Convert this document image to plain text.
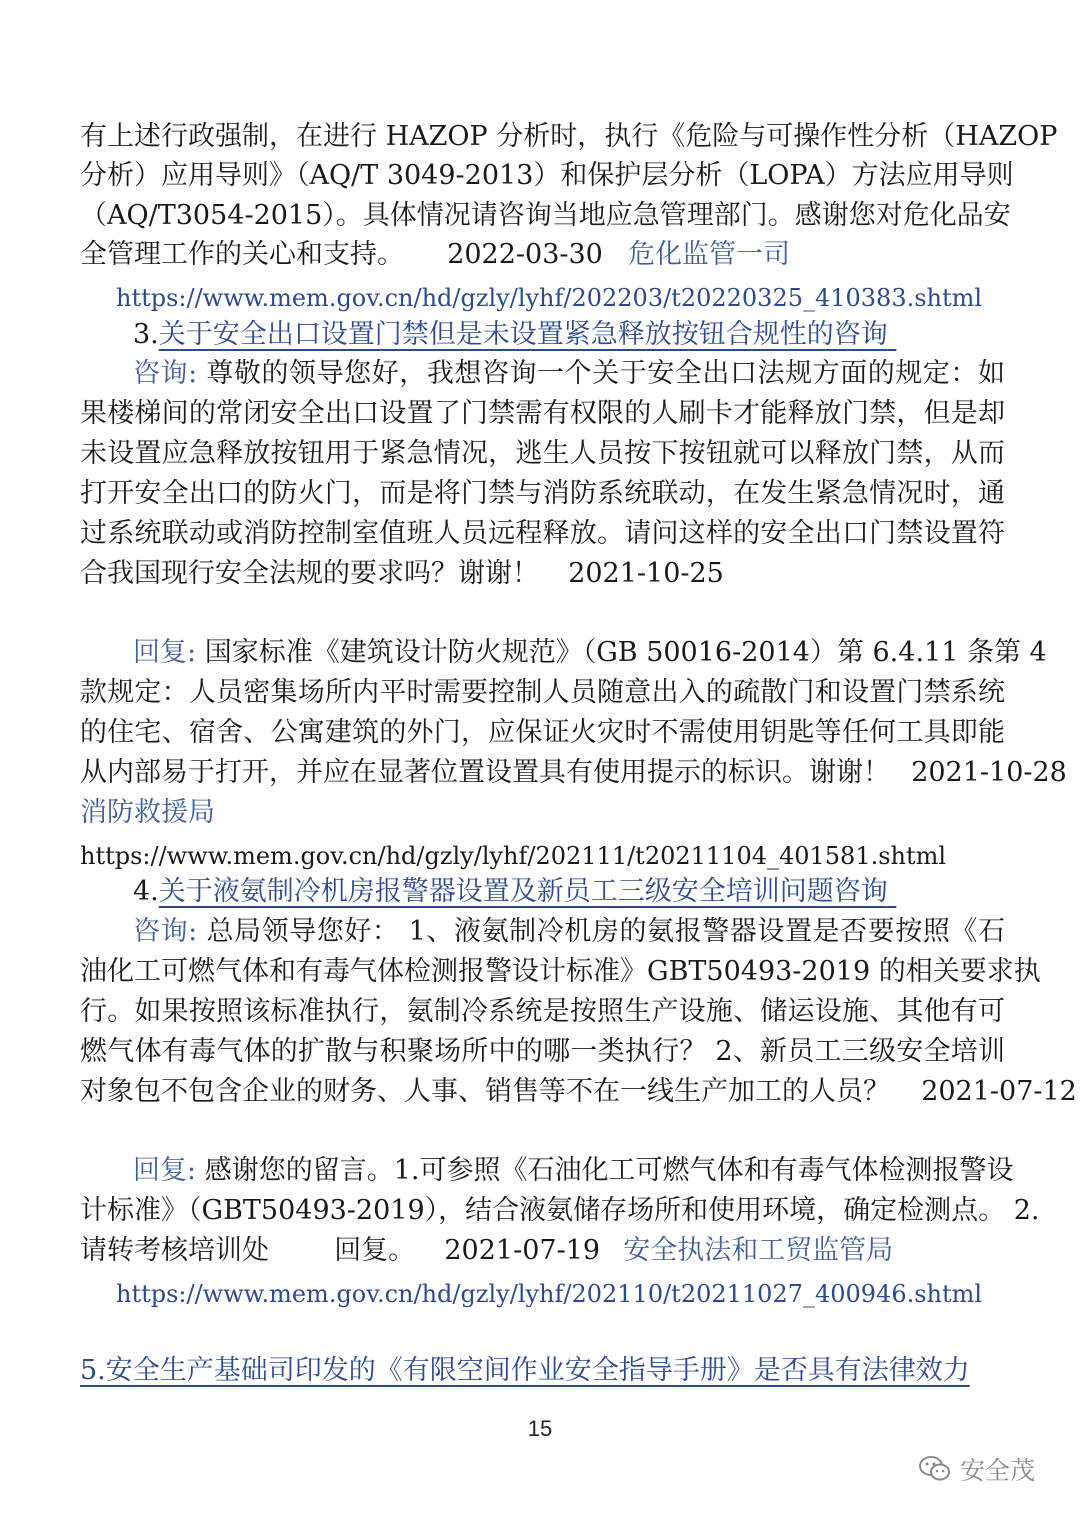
有上述行政强制，在进行 HAZOP 分析时，执行《危险与可操作性分析（HAZOP
分析）应用导则》（AQ/T 3049-2013）和保护层分析（LOPA）方法应用导则
（AQ/T3054-2015）。具体情况请咨询当地应急管理部门。感谢您对危化品安
全管理工作的关心和支持。 2022-03-30 危化监管一司
https://www.mem.gov.cn/hd/gzly/lyhf/202203/t20220325_410383.shtml
3.关于安全出口设置门禁但是未设置紧急释放按钮合规性的咨询
咨询: 尊敬的领导您好，我想咨询一个关于安全出口法规方面的规定：如
果楼梯间的常闭安全出口设置了门禁需有权限的人刷卡才能释放门禁，但是却
未设置应急释放按钮用于紧急情况，逃生人员按下按钮就可以释放门禁，从而
打开安全出口的防火门，而是将门禁与消防系统联动，在发生紧急情况时，通
过系统联动或消防控制室值班人员远程释放。请问这样的安全出口门禁设置符
合我国现行安全法规的要求吗？谢谢！ 2021-10-25
回复: 国家标准《建筑设计防火规范》（GB 50016-2014）第 6.4.11 条第 4
款规定：人员密集场所内平时需要控制人员随意出入的疏散门和设置门禁系统
的住宅、宿舍、公寓建筑的外门，应保证火灾时不需使用钥匙等任何工具即能
从内部易于打开，并应在显著位置设置具有使用提示的标识。谢谢！ 2021-10-28
消防救援局
https://www.mem.gov.cn/hd/gzly/lyhf/202111/t20211104_401581.shtml
4.关于液氨制冷机房报警器设置及新员工三级安全培训问题咨询
咨询: 总局领导您好： 1、液氨制冷机房的氨报警器设置是否要按照《石
油化工可燃气体和有毒气体检测报警设计标准》GBT50493-2019 的相关要求执
行。如果按照该标准执行，氨制冷系统是按照生产设施、储运设施、其他有可
燃气体有毒气体的扩散与积聚场所中的哪一类执行？ 2、新员工三级安全培训
对象包不包含企业的财务、人事、销售等不在一线生产加工的人员？ 2021-07-12
回复: 感谢您的留言。1.可参照《石油化工可燃气体和有毒气体检测报警设
计标准》（GBT50493-2019），结合液氨储存场所和使用环境，确定检测点。 2.
请转考核培训处 回复。 2021-07-19 安全执法和工贸监管局
https://www.mem.gov.cn/hd/gzly/lyhf/202110/t20211027_400946.shtml
5.安全生产基础司印发的《有限空间作业安全指导手册》是否具有法律效力
15
安全茂
